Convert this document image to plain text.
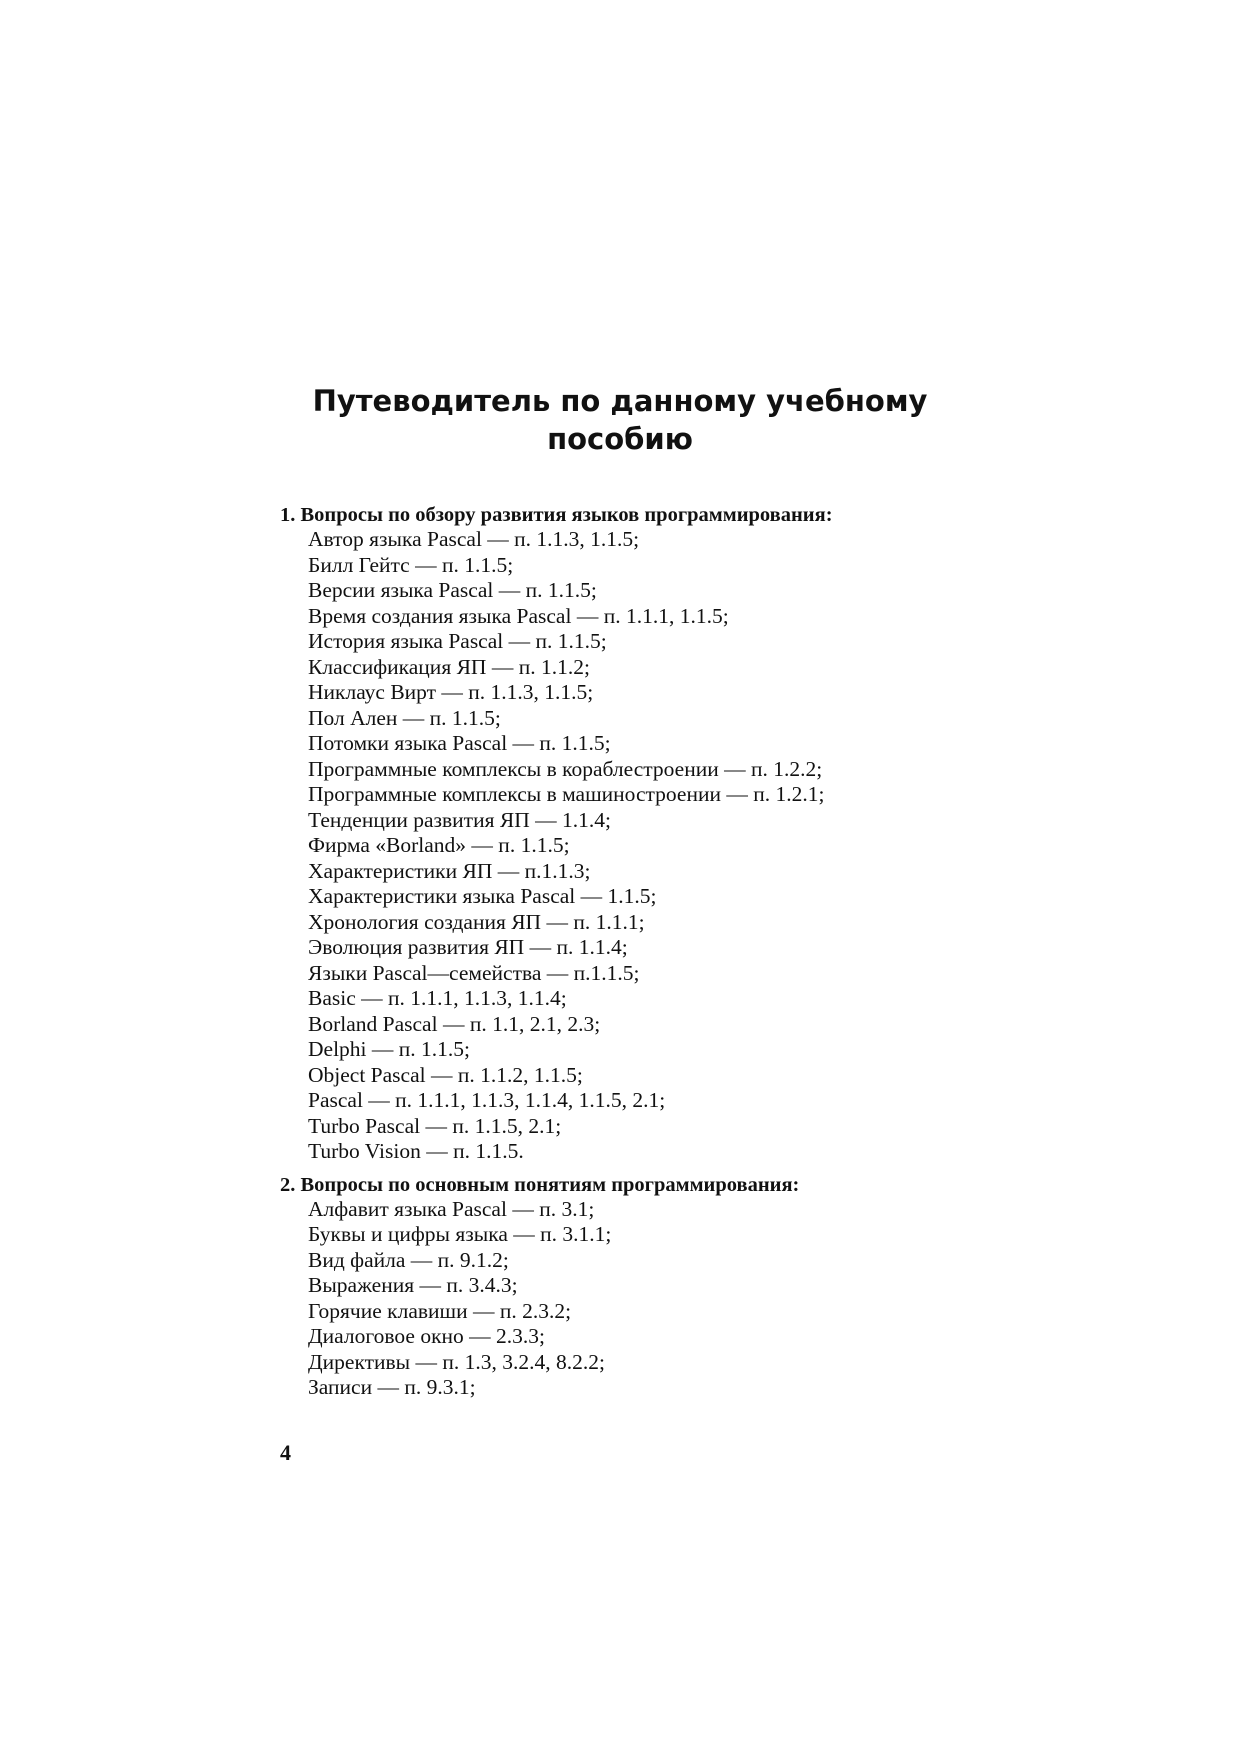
Путеводитель по данному учебному
пособию
1. Вопросы по обзору развития языков программирования:
Автор языка Pascal — п. 1.1.3, 1.1.5;
Билл Гейтс — п. 1.1.5;
Версии языка Pascal — п. 1.1.5;
Время создания языка Pascal — п. 1.1.1, 1.1.5;
История языка Pascal — п. 1.1.5;
Классификация ЯП — п. 1.1.2;
Никлаус Вирт — п. 1.1.3, 1.1.5;
Пол Ален — п. 1.1.5;
Потомки языка Pascal — п. 1.1.5;
Программные комплексы в кораблестроении — п. 1.2.2;
Программные комплексы в машиностроении — п. 1.2.1;
Тенденции развития ЯП — 1.1.4;
Фирма «Borland» — п. 1.1.5;
Характеристики ЯП — п.1.1.3;
Характеристики языка Pascal — 1.1.5;
Хронология создания ЯП — п. 1.1.1;
Эволюция развития ЯП — п. 1.1.4;
Языки Pascal—семейства — п.1.1.5;
Basic — п. 1.1.1, 1.1.3, 1.1.4;
Borland Pascal — п. 1.1, 2.1, 2.3;
Delphi — п. 1.1.5;
Object Pascal — п. 1.1.2, 1.1.5;
Pascal — п. 1.1.1, 1.1.3, 1.1.4, 1.1.5, 2.1;
Turbo Pascal — п. 1.1.5, 2.1;
Turbo Vision — п. 1.1.5.
2. Вопросы по основным понятиям программирования:
Алфавит языка Pascal — п. 3.1;
Буквы и цифры языка — п. 3.1.1;
Вид файла — п. 9.1.2;
Выражения — п. 3.4.3;
Горячие клавиши — п. 2.3.2;
Диалоговое окно — 2.3.3;
Директивы — п. 1.3, 3.2.4, 8.2.2;
Записи — п. 9.3.1;
4
